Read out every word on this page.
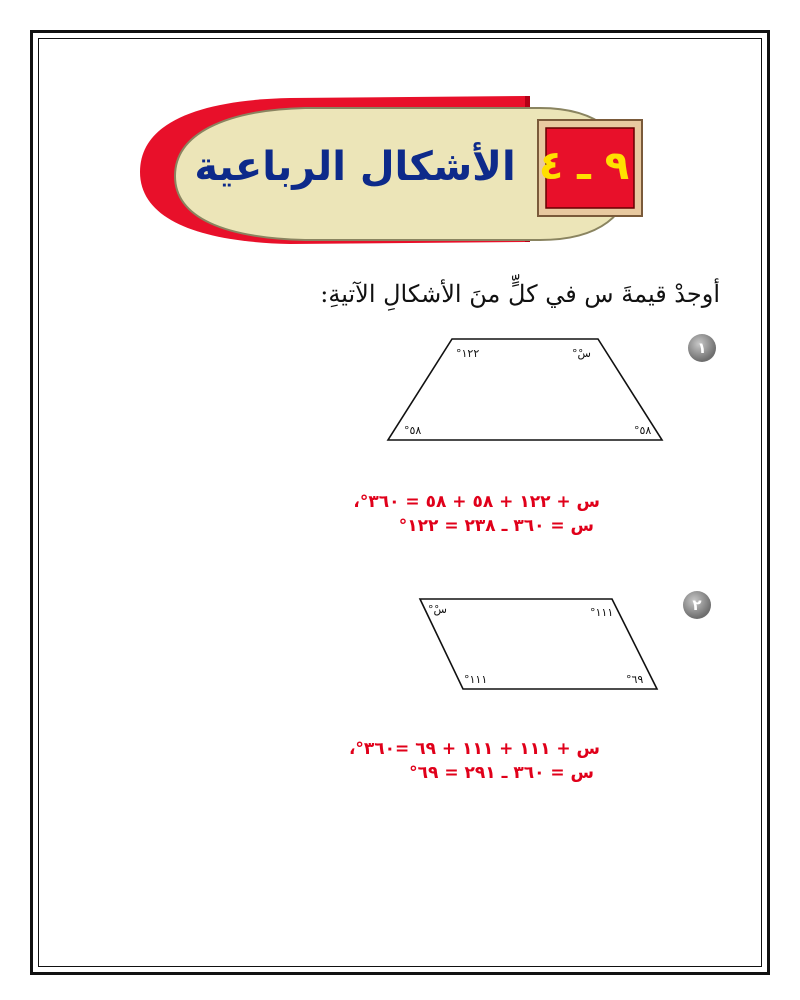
٩ ـ ٤
الأشكال الرباعية
أوجدْ قيمةَ س في كلٍّ منَ الأشكالِ الآتيةِ:
١
١٢٢°	سْ°
٥٨°	٥٨°
س + ١٢٢ + ٥٨ + ٥٨ = ٣٦٠°،
س = ٣٦٠ ـ ٢٣٨ = ١٢٢°
٢
سْ°	١١١°
١١١°	٦٩°
س + ١١١ + ١١١ + ٦٩ =٣٦٠°،
س = ٣٦٠ ـ ٢٩١ = ٦٩°
